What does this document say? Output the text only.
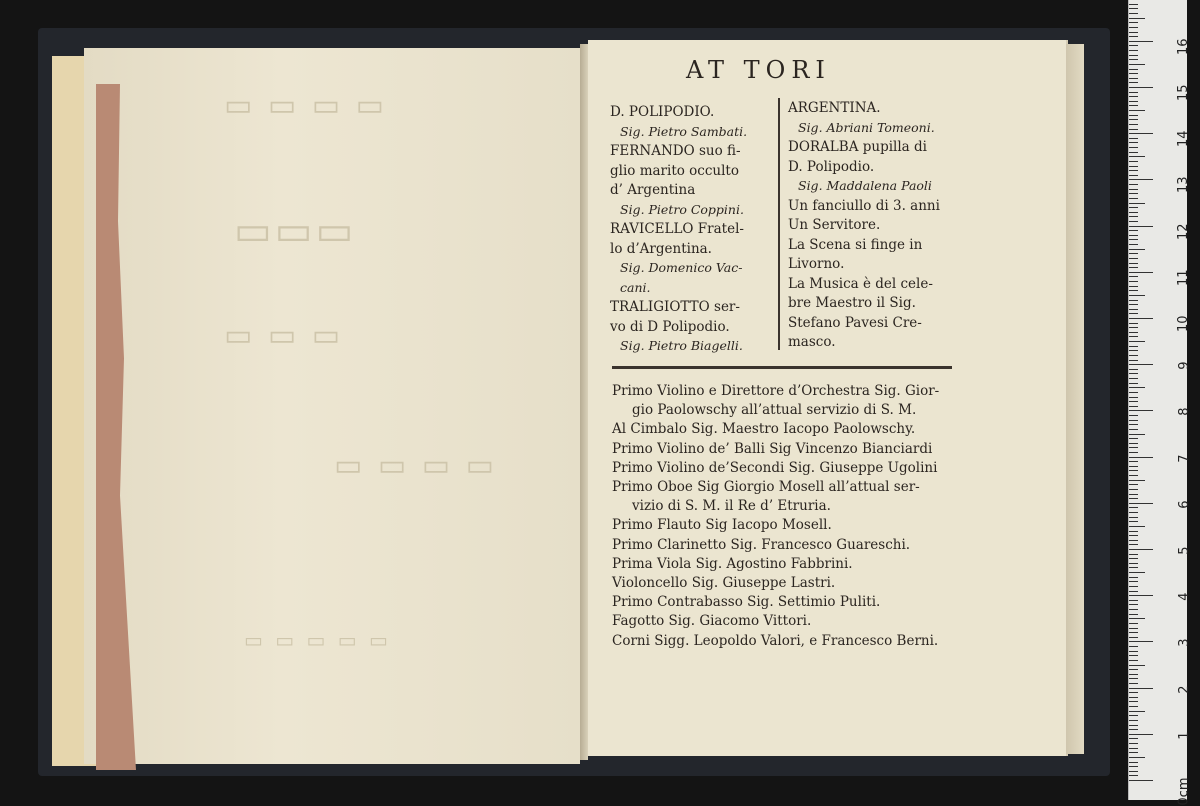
▭ ▭ ▭ ▭
▭▭▭
▭ ▭ ▭
▭ ▭ ▭ ▭
▭ ▭ ▭ ▭ ▭
AT TORI
0cm
1
2
3
4
5
6
7
8
9
10
11
12
13
14
15
16
D. POLIPODIO.
Sig. Pietro Sambati.
FERNANDO suo fi-
glio marito occulto
d’ Argentina
Sig. Pietro Coppini.
RAVICELLO Fratel-
lo d’Argentina.
Sig. Domenico Vac-
cani.
TRALIGIOTTO ser-
vo di D Polipodio.
Sig. Pietro Biagelli.
ARGENTINA.
Sig. Abriani Tomeoni.
DORALBA pupilla di
D. Polipodio.
Sig. Maddalena Paoli
Un fanciullo di 3. anni
Un Servitore.
La Scena si finge in
Livorno.
La Musica è del cele-
bre Maestro il Sig.
Stefano Pavesi Cre-
masco.
Primo Violino e Direttore d’Orchestra Sig. Gior-
gio Paolowschy all’attual servizio di S. M.
Al Cimbalo Sig. Maestro Iacopo Paolowschy.
Primo Violino de’ Balli Sig Vincenzo Bianciardi
Primo Violino de’Secondi Sig. Giuseppe Ugolini
Primo Oboe Sig Giorgio Mosell all’attual ser-
vizio di S. M. il Re d’ Etruria.
Primo Flauto Sig Iacopo Mosell.
Primo Clarinetto Sig. Francesco Guareschi.
Prima Viola Sig. Agostino Fabbrini.
Violoncello Sig. Giuseppe Lastri.
Primo Contrabasso Sig. Settimio Puliti.
Fagotto Sig. Giacomo Vittori.
Corni Sigg. Leopoldo Valori, e Francesco Berni.
